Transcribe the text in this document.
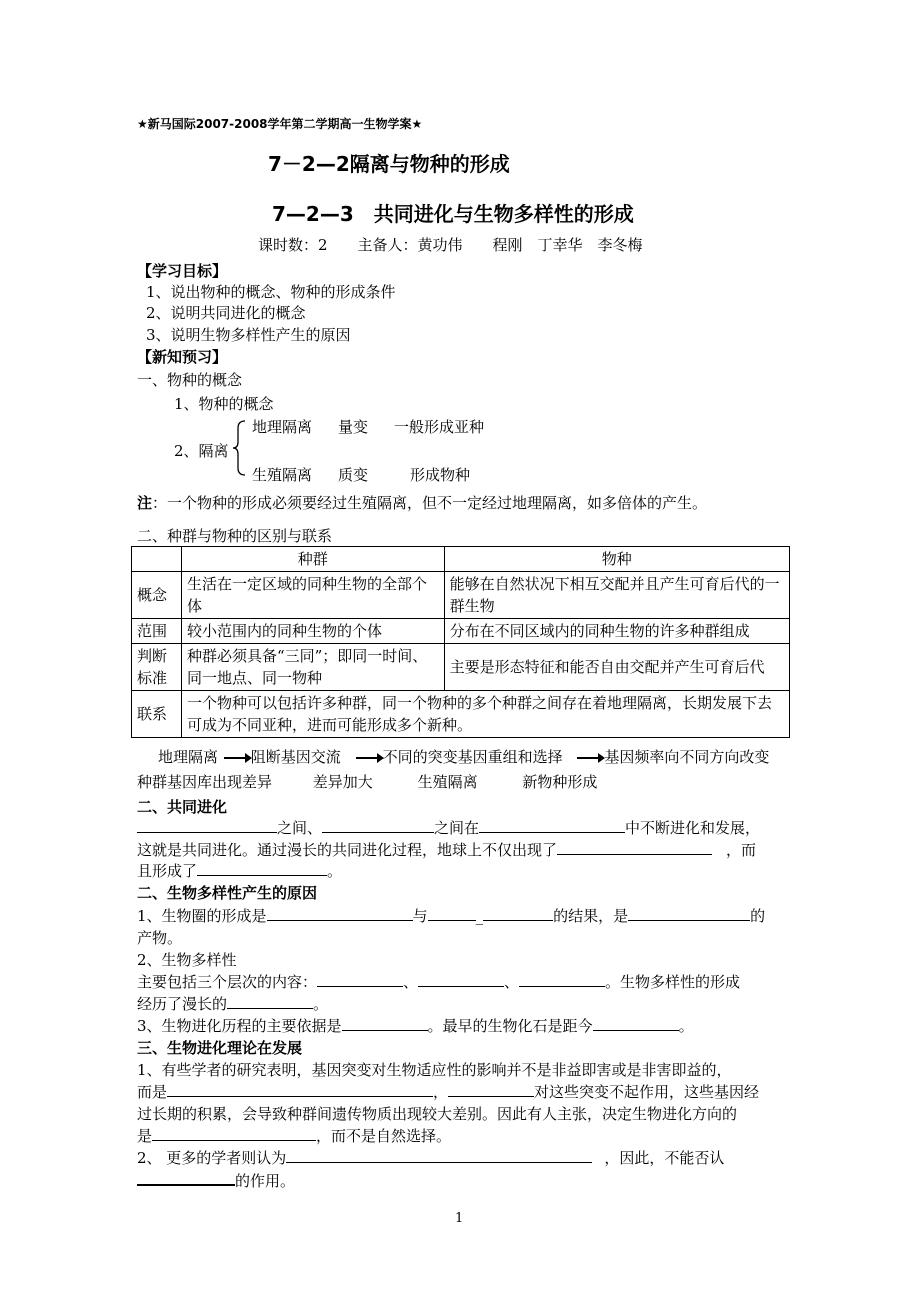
★新马国际2007-2008学年第二学期高一生物学案★
7－2—2隔离与物种的形成
7—2—3　共同进化与生物多样性的形成
课时数：2　　主备人：黄功伟　　程刚　丁幸华　李冬梅
【学习目标】
1、说出物种的概念、物种的形成条件
2、说明共同进化的概念
3、说明生物多样性产生的原因
【新知预习】
一、物种的概念
1、物种的概念
2、隔离
地理隔离 量变 一般形成亚种
生殖隔离 质变	形成物种
注：一个物种的形成必须要经过生殖隔离，但不一定经过地理隔离，如多倍体的产生。
二、种群与物种的区别与联系
	种群	物种
概念	生活在一定区域的同种生物的全部个体	能够在自然状况下相互交配并且产生可育后代的一群生物
范围	较小范围内的同种生物的个体	分布在不同区域内的同种生物的许多种群组成
判断标准	种群必须具备“三同”；即同一时间、同一地点、同一物种	主要是形态特征和能否自由交配并产生可育后代
联系	一个物种可以包括许多种群，同一个物种的多个种群之间存在着地理隔离，长期发展下去可成为不同亚种，进而可能形成多个新种。	
地理隔离 阻断基因交流	不同的突变基因重组和选择	基因频率向不同方向改变
种群基因库出现差异	差异加大	生殖隔离	新物种形成
二、共同进化
之间、	之间在	中不断进化和发展，
这就是共同进化。通过漫长的共同进化过程，地球上不仅出现了	，而
且形成了	。
二、生物多样性产生的原因
1、生物圈的形成是	与	_	的结果，是	的
产物。
2、生物多样性
主要包括三个层次的内容：	、	、	。生物多样性的形成
经历了漫长的	。
3、生物进化历程的主要依据是	。最早的生物化石是距今	。
三、生物进化理论在发展
1、有些学者的研究表明，基因突变对生物适应性的影响并不是非益即害或是非害即益的，
而是	，	对这些突变不起作用，这些基因经
过长期的积累，会导致种群间遗传物质出现较大差别。因此有人主张，决定生物进化方向的
是	，而不是自然选择。
2、 更多的学者则认为	，因此，不能否认
的作用。
1
